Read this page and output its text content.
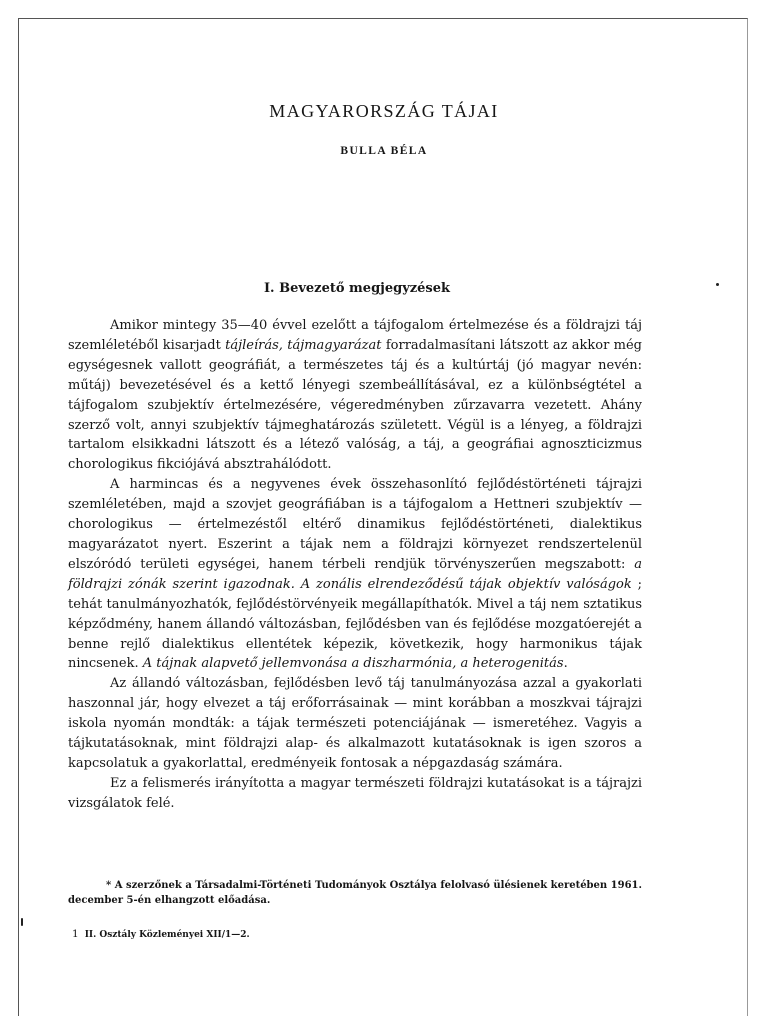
MAGYARORSZÁG TÁJAI
BULLA BÉLA
I. Bevezető megjegyzések

Amikor mintegy 35—40 évvel ezelőtt a tájfogalom értelmezése és a földrajzi táj szemléletéből kisarjadt tájleírás, tájmagyarázat forradalmasítani látszott az akkor még egységesnek vallott geográfiát, a természetes táj és a kultúrtáj (jó magyar nevén: műtáj) bevezetésével és a kettő lényegi szembeállításával, ez a különbségtétel a tájfogalom szubjektív értelmezésére, végeredményben zűrzavarra vezetett. Ahány szerző volt, annyi szubjektív tájmeghatározás született. Végül is a lényeg, a földrajzi tartalom elsikkadni látszott és a létező valóság, a táj, a geográfiai agnoszticizmus chorologikus fikciójává absztrahálódott.

A harmincas és a negyvenes évek összehasonlító fejlődéstörténeti tájrajzi szemléletében, majd a szovjet geográfiában is a tájfogalom a Hettneri szubjektív — chorologikus — értelmezéstől eltérő dinamikus fejlődéstörténeti, dialektikus magyarázatot nyert. Eszerint a tájak nem a földrajzi környezet rendszertelenül elszóródó területi egységei, hanem térbeli rendjük törvényszerűen megszabott: a földrajzi zónák szerint igazodnak. A zonális elrendeződésű tájak objektív valóságok ; tehát tanulmányozhatók, fejlődéstörvényeik megállapíthatók. Mivel a táj nem sztatikus képződmény, hanem állandó változásban, fejlődésben van és fejlődése mozgatóerejét a benne rejlő dialektikus ellentétek képezik, következik, hogy harmonikus tájak nincsenek. A tájnak alapvető jellemvonása a diszharmónia, a heterogenitás.

Az állandó változásban, fejlődésben levő táj tanulmányozása azzal a gyakorlati haszonnal jár, hogy elvezet a táj erőforrásainak — mint korábban a moszkvai tájrajzi iskola nyomán mondták: a tájak természeti potenciájának — ismeretéhez. Vagyis a tájkutatásoknak, mint földrajzi alap- és alkalmazott kutatásoknak is igen szoros a kapcsolatuk a gyakorlattal, eredményeik fontosak a népgazdaság számára.

Ez a felismerés irányította a magyar természeti földrajzi kutatásokat is a tájrajzi vizsgálatok felé.

* A szerzőnek a Társadalmi-Történeti Tudományok Osztálya felolvasó ülésienek keretében 1961. december 5-én elhangzott előadása.

1 II. Osztály Közleményei XII/1—2.
